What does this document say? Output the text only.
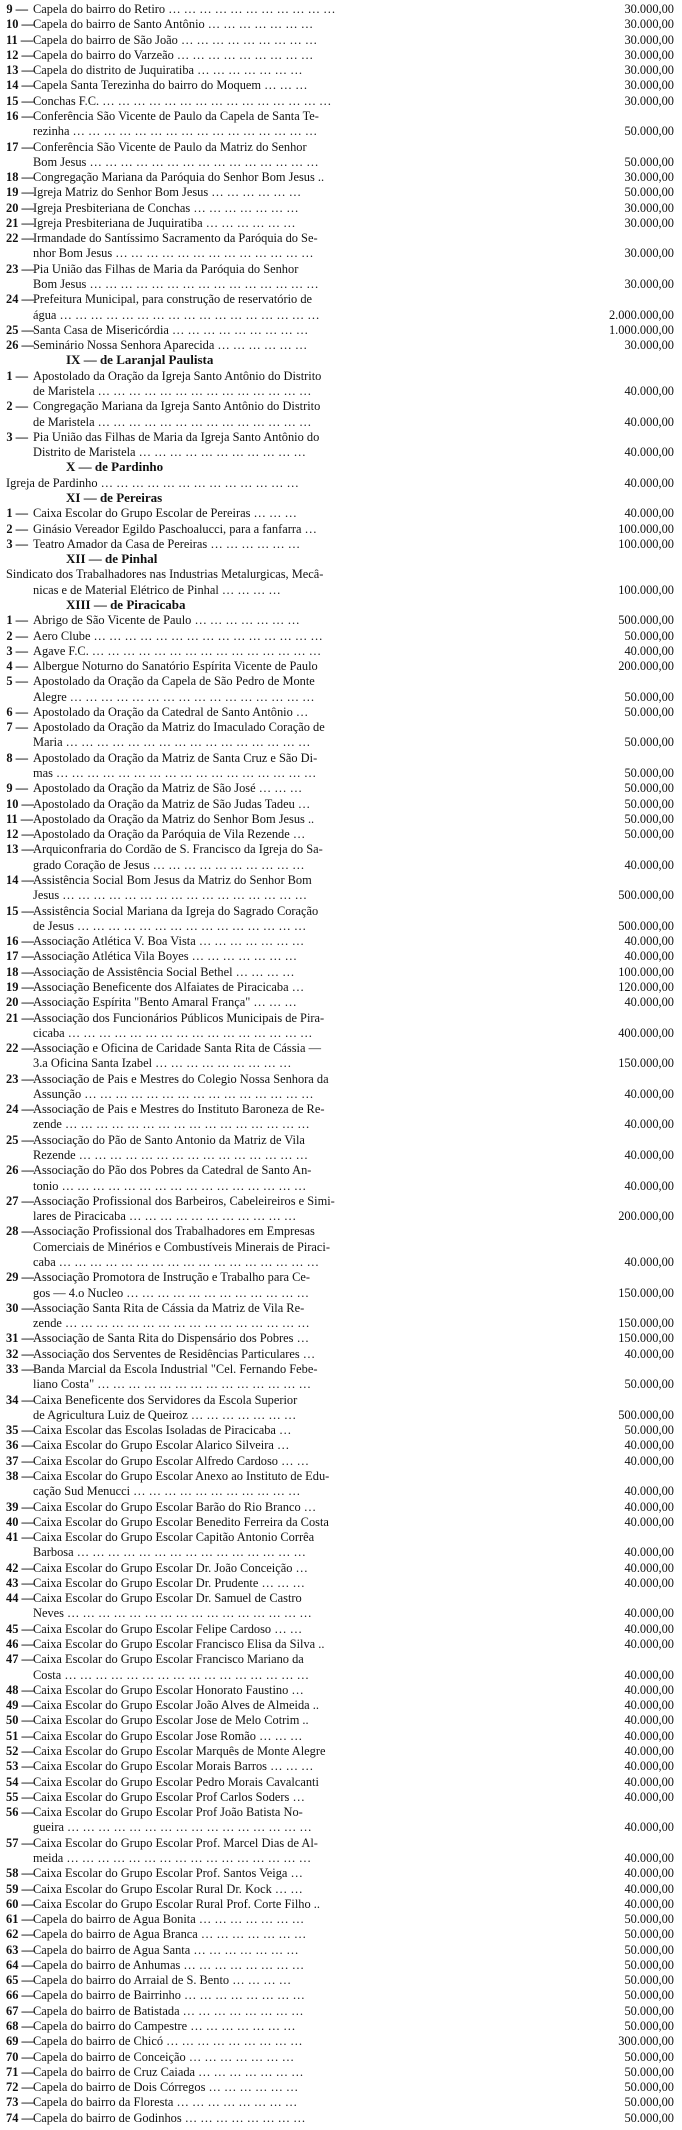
9 — Capela do bairro do Retiro … … … … … … … … … … …	30.000,00
10 — Capela do bairro de Santo Antônio … … … … … … …	30.000,00
11 — Capela do bairro de São João … … … … … … … … …	30.000,00
12 — Capela do bairro do Varzeão … … … … … … … … …	30.000,00
13 — Capela do distrito de Juquiratiba … … … … … … …	30.000,00
14 — Capela Santa Terezinha do bairro do Moquem … … …	30.000,00
15 — Conchas F.C. … … … … … … … … … … … … … … …	30.000,00
16 — Conferência São Vicente de Paulo da Capela de Santa Te-
rezinha … … … … … … … … … … … … … … … …	50.000,00
17 — Conferência São Vicente de Paulo da Matriz do Senhor
Bom Jesus … … … … … … … … … … … … … … …	50.000,00
18 — Congregação Mariana da Paróquia do Senhor Bom Jesus ..	30.000,00
19 — Igreja Matriz do Senhor Bom Jesus … … … … … …	50.000,00
20 — Igreja Presbiteriana de Conchas … … … … … … …	30.000,00
21 — Igreja Presbiteriana de Juquiratiba … … … … … …	30.000,00
22 — Irmandade do Santíssimo Sacramento da Paróquia do Se-
nhor Bom Jesus … … … … … … … … … … … … …	30.000,00
23 — Pia União das Filhas de Maria da Paróquia do Senhor
Bom Jesus … … … … … … … … … … … … … … …	30.000,00
24 — Prefeitura Municipal, para construção de reservatório de
água … … … … … … … … … … … … … … … … …	2.000.000,00
25 — Santa Casa de Misericórdia … … … … … … … … …	1.000.000,00
26 — Seminário Nossa Senhora Aparecida … … … … … …	30.000,00
IX — de Laranjal Paulista
1 — Apostolado da Oração da Igreja Santo Antônio do Distrito
de Maristela … … … … … … … … … … … … … …	40.000,00
2 — Congregação Mariana da Igreja Santo Antônio do Distrito
de Maristela … … … … … … … … … … … … … …	40.000,00
3 — Pia União das Filhas de Maria da Igreja Santo Antônio do
Distrito de Maristela … … … … … … … … … … …	40.000,00
X — de Pardinho
Igreja de Pardinho … … … … … … … … … … … … …	40.000,00
XI — de Pereiras
1 — Caixa Escolar do Grupo Escolar de Pereiras … … …	40.000,00
2 — Ginásio Vereador Egildo Paschoalucci, para a fanfarra …	100.000,00
3 — Teatro Amador da Casa de Pereiras … … … … … …	100.000,00
XII — de Pinhal
Sindicato dos Trabalhadores nas Industrias Metalurgicas, Mecâ-
nicas e de Material Elétrico de Pinhal … … … …	100.000,00
XIII — de Piracicaba
1 — Abrigo de São Vicente de Paulo … … … … … … …	500.000,00
2 — Aero Clube … … … … … … … … … … … … … … …	50.000,00
3 — Agave F.C. … … … … … … … … … … … … … … …	40.000,00
4 — Albergue Noturno do Sanatório Espírita Vicente de Paulo	200.000,00
5 — Apostolado da Oração da Capela de São Pedro de Monte
Alegre … … … … … … … … … … … … … … … …	50.000,00
6 — Apostolado da Oração da Catedral de Santo Antônio …	50.000,00
7 — Apostolado da Oração da Matriz do Imaculado Coração de
Maria … … … … … … … … … … … … … … … …	50.000,00
8 — Apostolado da Oração da Matriz de Santa Cruz e São Di-
mas … … … … … … … … … … … … … … … … …	50.000,00
9 — Apostolado da Oração da Matriz de São José … … …	50.000,00
10 — Apostolado da Oração da Matriz de São Judas Tadeu …	50.000,00
11 — Apostolado da Oração da Matriz do Senhor Bom Jesus ..	50.000,00
12 — Apostolado da Oração da Paróquia de Vila Rezende …	50.000,00
13 — Arquiconfraria do Cordão de S. Francisco da Igreja do Sa-
grado Coração de Jesus … … … … … … … … … …	40.000,00
14 — Assistência Social Bom Jesus da Matriz do Senhor Bom
Jesus … … … … … … … … … … … … … … … …	500.000,00
15 — Assistência Social Mariana da Igreja do Sagrado Coração
de Jesus … … … … … … … … … … … … … … …	500.000,00
16 — Associação Atlética V. Boa Vista … … … … … … …	40.000,00
17 — Associação Atlética Vila Boyes … … … … … … …	40.000,00
18 — Associação de Assistência Social Bethel … … … …	100.000,00
19 — Associação Beneficente dos Alfaiates de Piracicaba …	120.000,00
20 — Associação Espírita "Bento Amaral França" … … …	40.000,00
21 — Associação dos Funcionários Públicos Municipais de Pira-
cicaba … … … … … … … … … … … … … … … …	400.000,00
22 — Associação e Oficina de Caridade Santa Rita de Cássia —
3.a Oficina Santa Izabel … … … … … … … … …	150.000,00
23 — Associação de Pais e Mestres do Colegio Nossa Senhora da
Assunção … … … … … … … … … … … … … … …	40.000,00
24 — Associação de Pais e Mestres do Instituto Baroneza de Re-
zende … … … … … … … … … … … … … … … …	40.000,00
25 — Associação do Pão de Santo Antonio da Matriz de Vila
Rezende … … … … … … … … … … … … … … …	40.000,00
26 — Associação do Pão dos Pobres da Catedral de Santo An-
tonio … … … … … … … … … … … … … … … …	40.000,00
27 — Associação Profissional dos Barbeiros, Cabeleireiros e Simi-
lares de Piracicaba … … … … … … … … … … …	200.000,00
28 — Associação Profissional dos Trabalhadores em Empresas
Comerciais de Minérios e Combustíveis Minerais de Piraci-
caba … … … … … … … … … … … … … … … … …	40.000,00
29 — Associação Promotora de Instrução e Trabalho para Ce-
gos — 4.o Nucleo … … … … … … … … … … … …	150.000,00
30 — Associação Santa Rita de Cássia da Matriz de Vila Re-
zende … … … … … … … … … … … … … … … …	150.000,00
31 — Associação de Santa Rita do Dispensário dos Pobres …	150.000,00
32 — Associação dos Serventes de Residências Particulares …	40.000,00
33 — Banda Marcial da Escola Industrial "Cel. Fernando Febe-
liano Costa" … … … … … … … … … … … … … …	50.000,00
34 — Caixa Beneficente dos Servidores da Escola Superior
de Agricultura Luiz de Queiroz … … … … … … …	500.000,00
35 — Caixa Escolar das Escolas Isoladas de Piracicaba …	50.000,00
36 — Caixa Escolar do Grupo Escolar Alarico Silveira …	40.000,00
37 — Caixa Escolar do Grupo Escolar Alfredo Cardoso … …	40.000,00
38 — Caixa Escolar do Grupo Escolar Anexo ao Instituto de Edu-
cação Sud Menucci … … … … … … … … … … …	40.000,00
39 — Caixa Escolar do Grupo Escolar Barão do Rio Branco …	40.000,00
40 — Caixa Escolar do Grupo Escolar Benedito Ferreira da Costa	40.000,00
41 — Caixa Escolar do Grupo Escolar Capitão Antonio Corrêa
Barbosa … … … … … … … … … … … … … … …	40.000,00
42 — Caixa Escolar do Grupo Escolar Dr. João Conceição …	40.000,00
43 — Caixa Escolar do Grupo Escolar Dr. Prudente … … …	40.000,00
44 — Caixa Escolar do Grupo Escolar Dr. Samuel de Castro
Neves … … … … … … … … … … … … … … … …	40.000,00
45 — Caixa Escolar do Grupo Escolar Felipe Cardoso … …	40.000,00
46 — Caixa Escolar do Grupo Escolar Francisco Elisa da Silva ..	40.000,00
47 — Caixa Escolar do Grupo Escolar Francisco Mariano da
Costa … … … … … … … … … … … … … … … …	40.000,00
48 — Caixa Escolar do Grupo Escolar Honorato Faustino …	40.000,00
49 — Caixa Escolar do Grupo Escolar João Alves de Almeida ..	40.000,00
50 — Caixa Escolar do Grupo Escolar Jose de Melo Cotrim ..	40.000,00
51 — Caixa Escolar do Grupo Escolar Jose Romão … … …	40.000,00
52 — Caixa Escolar do Grupo Escolar Marquês de Monte Alegre	40.000,00
53 — Caixa Escolar do Grupo Escolar Morais Barros … … …	40.000,00
54 — Caixa Escolar do Grupo Escolar Pedro Morais Cavalcanti	40.000,00
55 — Caixa Escolar do Grupo Escolar Prof Carlos Soders …	40.000,00
56 — Caixa Escolar do Grupo Escolar Prof João Batista No-
gueira … … … … … … … … … … … … … … … …	40.000,00
57 — Caixa Escolar do Grupo Escolar Prof. Marcel Dias de Al-
meida … … … … … … … … … … … … … … … …	40.000,00
58 — Caixa Escolar do Grupo Escolar Prof. Santos Veiga …	40.000,00
59 — Caixa Escolar do Grupo Escolar Rural Dr. Kock … …	40.000,00
60 — Caixa Escolar do Grupo Escolar Rural Prof. Corte Filho ..	40.000,00
61 — Capela do bairro de Agua Bonita … … … … … … …	50.000,00
62 — Capela do bairro de Agua Branca … … … … … … …	50.000,00
63 — Capela do bairro de Agua Santa … … … … … … …	50.000,00
64 — Capela do bairro de Anhumas … … … … … … … …	50.000,00
65 — Capela do bairro do Arraial de S. Bento … … … …	50.000,00
66 — Capela do bairro de Bairrinho … … … … … … … …	50.000,00
67 — Capela do bairro de Batistada … … … … … … … …	50.000,00
68 — Capela do bairro do Campestre … … … … … … …	50.000,00
69 — Capela do bairro de Chicó … … … … … … … … …	300.000,00
70 — Capela do bairro de Conceição … … … … … … …	50.000,00
71 — Capela do bairro de Cruz Caiada … … … … … … …	50.000,00
72 — Capela do bairro de Dois Córregos … … … … … …	50.000,00
73 — Capela do bairro da Floresta … … … … … … … …	50.000,00
74 — Capela do bairro de Godinhos … … … … … … … …	50.000,00
